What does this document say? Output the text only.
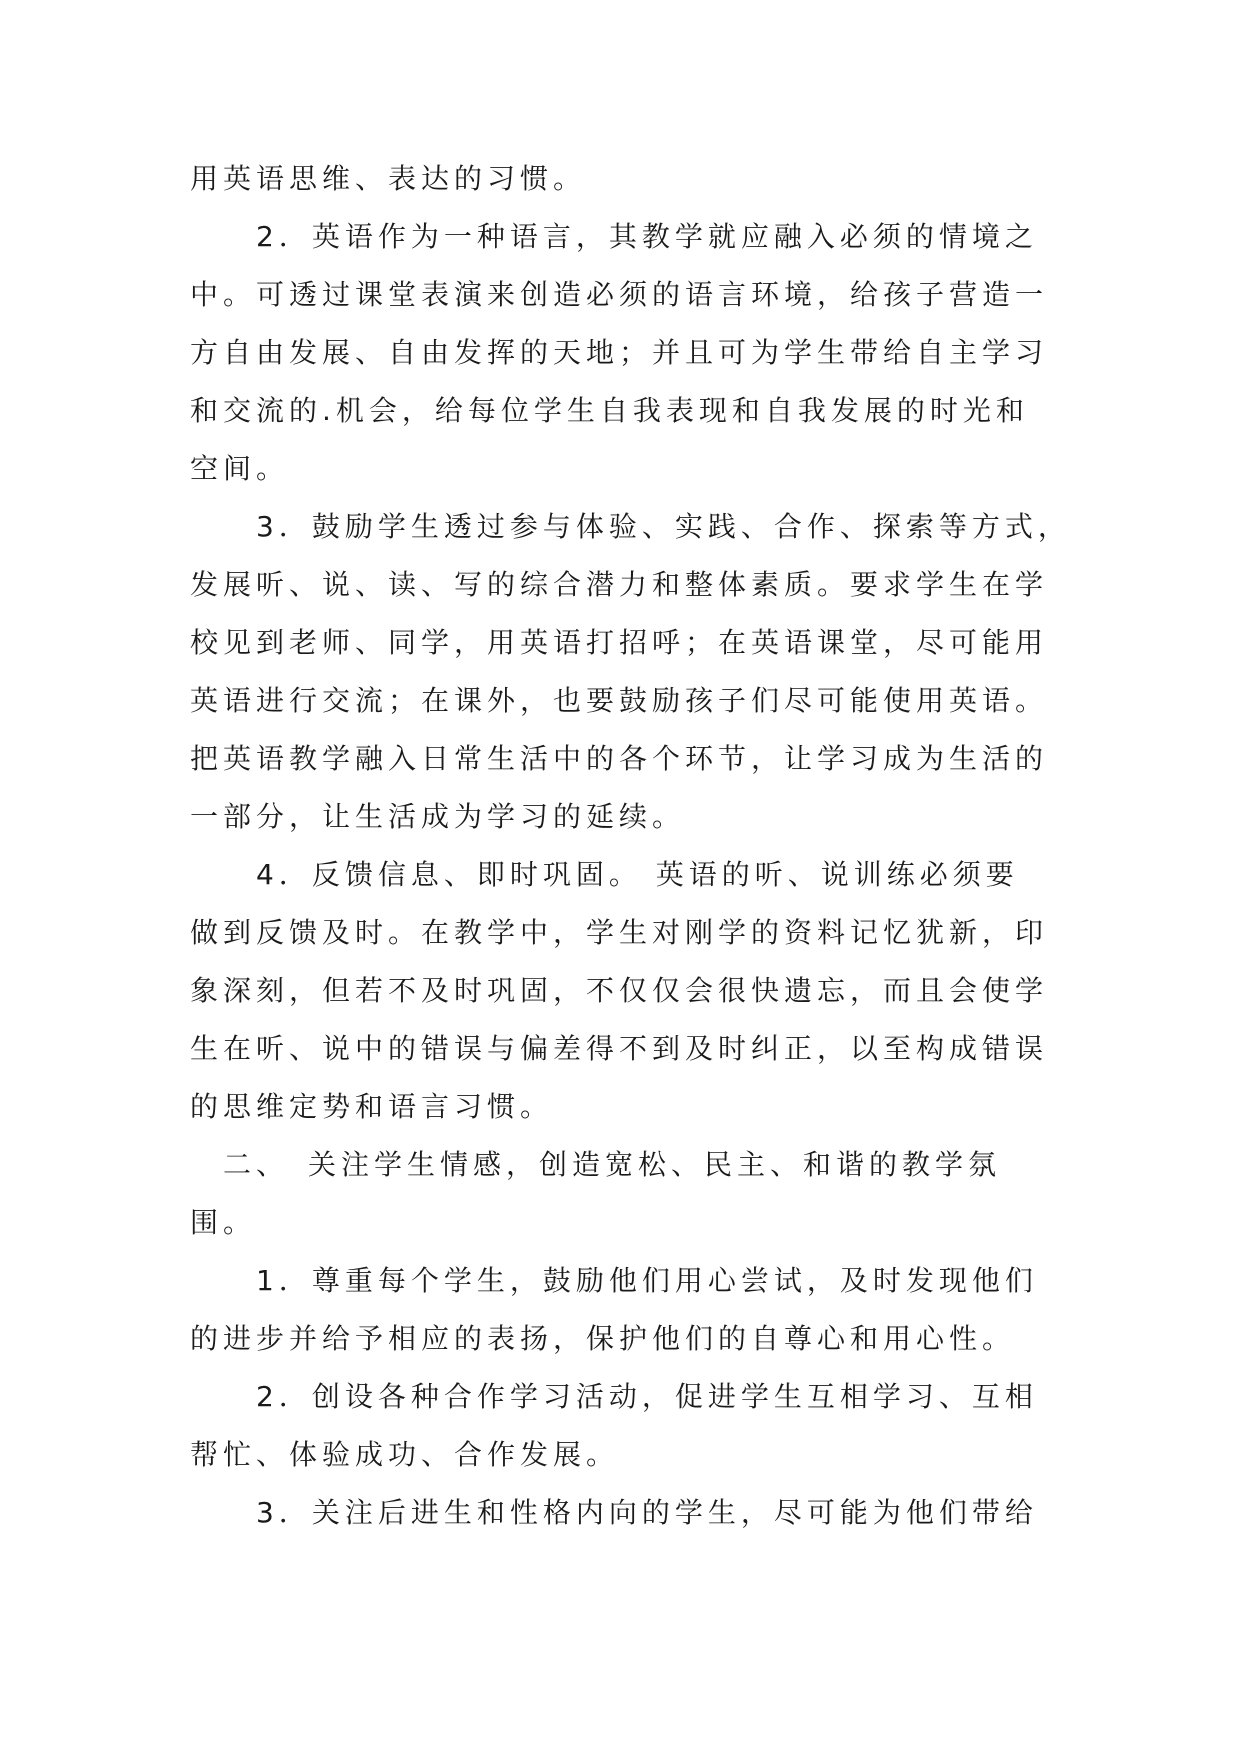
用英语思维、表达的习惯。
　　2．英语作为一种语言，其教学就应融入必须的情境之
中。可透过课堂表演来创造必须的语言环境，给孩子营造一
方自由发展、自由发挥的天地；并且可为学生带给自主学习
和交流的.机会，给每位学生自我表现和自我发展的时光和
空间。
　　3．鼓励学生透过参与体验、实践、合作、探索等方式，
发展听、说、读、写的综合潜力和整体素质。要求学生在学
校见到老师、同学，用英语打招呼；在英语课堂，尽可能用
英语进行交流；在课外，也要鼓励孩子们尽可能使用英语。
把英语教学融入日常生活中的各个环节，让学习成为生活的
一部分，让生活成为学习的延续。
　　4．反馈信息、即时巩固。 英语的听、说训练必须要
做到反馈及时。在教学中，学生对刚学的资料记忆犹新，印
象深刻，但若不及时巩固，不仅仅会很快遗忘，而且会使学
生在听、说中的错误与偏差得不到及时纠正，以至构成错误
的思维定势和语言习惯。
　二、　关注学生情感，创造宽松、民主、和谐的教学氛
围。
　　1．尊重每个学生，鼓励他们用心尝试，及时发现他们
的进步并给予相应的表扬，保护他们的自尊心和用心性。
　　2．创设各种合作学习活动，促进学生互相学习、互相
帮忙、体验成功、合作发展。
　　3．关注后进生和性格内向的学生，尽可能为他们带给
